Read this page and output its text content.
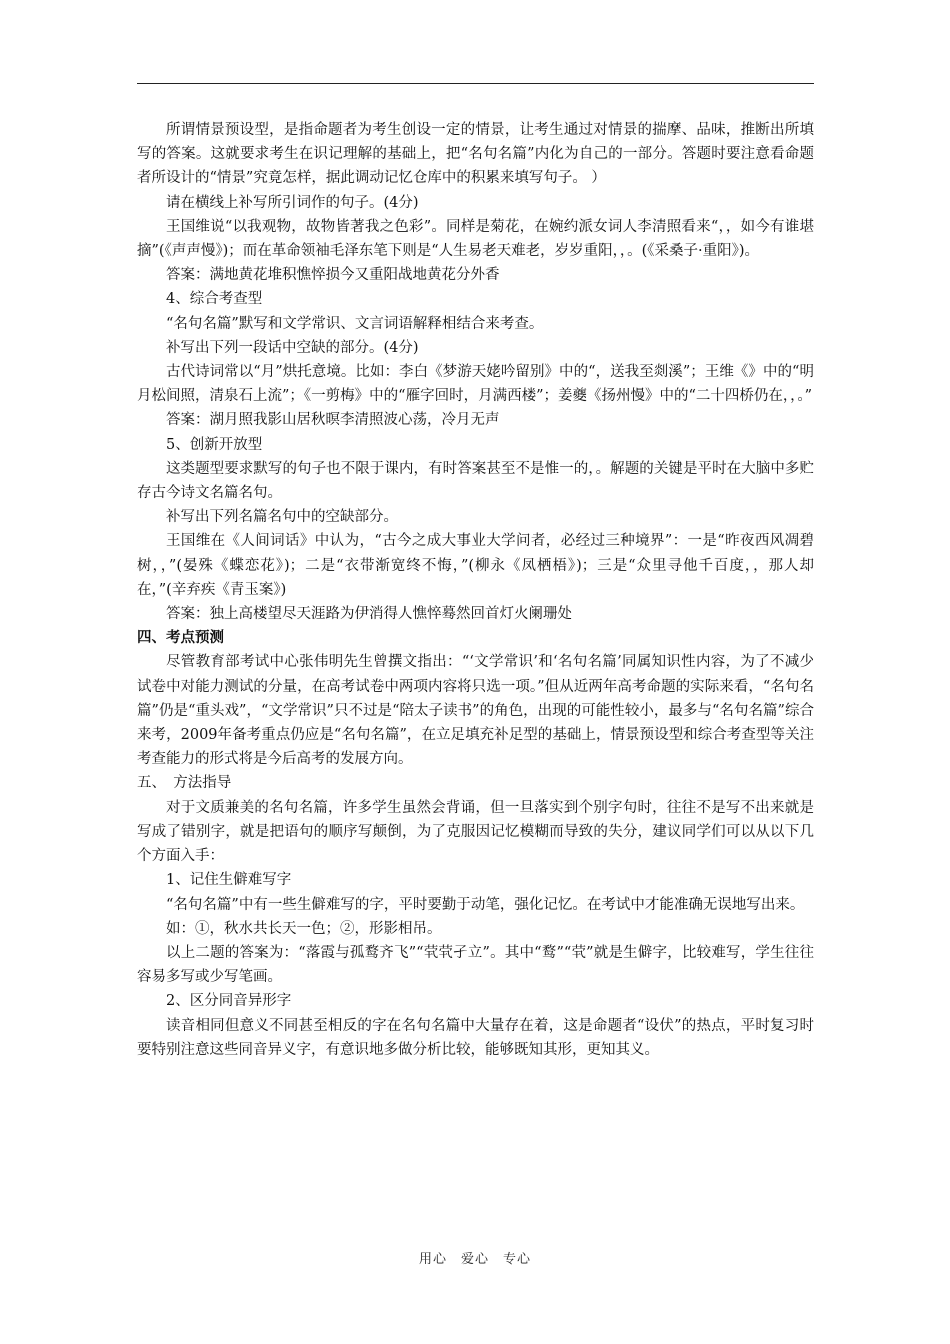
所谓情景预设型，是指命题者为考生创设一定的情景，让考生通过对情景的揣摩、品味，推断出所填写的答案。这就要求考生在识记理解的基础上，把“名句名篇”内化为自己的一部分。答题时要注意看命题者所设计的“情景”究竟怎样，据此调动记忆仓库中的积累来填写句子。 ）

请在横线上补写所引词作的句子。(4分)

王国维说“以我观物，故物皆著我之色彩”。同样是菊花，在婉约派女词人李清照看来“，，如今有谁堪摘”(《声声慢》)；而在革命领袖毛泽东笔下则是“人生易老天难老，岁岁重阳，，。(《采桑子·重阳》)。

答案：满地黄花堆积憔悴损今又重阳战地黄花分外香

4、综合考查型

“名句名篇”默写和文学常识、文言词语解释相结合来考查。

补写出下列一段话中空缺的部分。(4分)

古代诗词常以“月”烘托意境。比如：李白《梦游天姥吟留别》中的“，送我至剡溪”；王维《》中的“明月松间照，清泉石上流”；《一剪梅》中的“雁字回时，月满西楼”；姜夔《扬州慢》中的“二十四桥仍在，，。”

答案：湖月照我影山居秋暝李清照波心荡，冷月无声

5、创新开放型

这类题型要求默写的句子也不限于课内，有时答案甚至不是惟一的，。解题的关键是平时在大脑中多贮存古今诗文名篇名句。

补写出下列名篇名句中的空缺部分。

王国维在《人间词话》中认为，“古今之成大事业大学问者，必经过三种境界”：一是“昨夜西风凋碧树，，”(晏殊《蝶恋花》)；二是“衣带渐宽终不悔，”(柳永《凤栖梧》)；三是“众里寻他千百度，，那人却在，”(辛弃疾《青玉案》)

答案：独上高楼望尽天涯路为伊消得人憔悴蓦然回首灯火阑珊处

四、考点预测

尽管教育部考试中心张伟明先生曾撰文指出：“‘文学常识’和‘名句名篇’同属知识性内容，为了不减少试卷中对能力测试的分量，在高考试卷中两项内容将只选一项。”但从近两年高考命题的实际来看，“名句名篇”仍是“重头戏”，“文学常识”只不过是“陪太子读书”的角色，出现的可能性较小，最多与“名句名篇”综合来考，2009年备考重点仍应是“名句名篇”，在立足填充补足型的基础上，情景预设型和综合考查型等关注考查能力的形式将是今后高考的发展方向。

五、　方法指导

对于文质兼美的名句名篇，许多学生虽然会背诵，但一旦落实到个别字句时，往往不是写不出来就是写成了错别字，就是把语句的顺序写颠倒，为了克服因记忆模糊而导致的失分，建议同学们可以从以下几个方面入手：

1、记住生僻难写字

“名句名篇”中有一些生僻难写的字，平时要勤于动笔，强化记忆。在考试中才能准确无误地写出来。

如：①，秋水共长天一色；②，形影相吊。

以上二题的答案为：“落霞与孤鹜齐飞”“茕茕孑立”。其中“鹜”“茕”就是生僻字，比较难写，学生往往容易多写或少写笔画。

2、区分同音异形字

读音相同但意义不同甚至相反的字在名句名篇中大量存在着，这是命题者“设伏”的热点，平时复习时要特别注意这些同音异义字，有意识地多做分析比较，能够既知其形，更知其义。

用心　爱心　专心
